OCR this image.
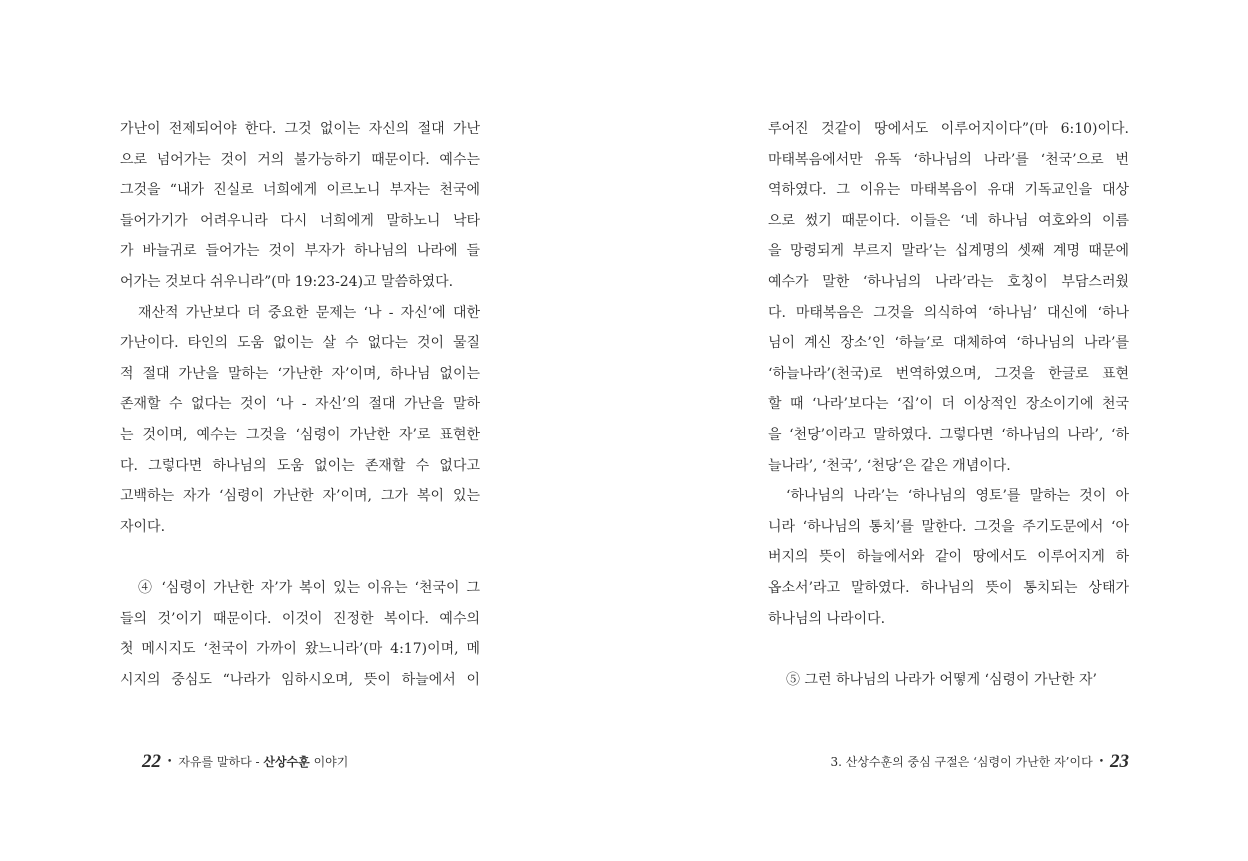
가난이 전제되어야 한다. 그것 없이는 자신의 절대 가난
으로 넘어가는 것이 거의 불가능하기 때문이다. 예수는
그것을 “내가 진실로 너희에게 이르노니 부자는 천국에
들어가기가 어려우니라 다시 너희에게 말하노니 낙타
가 바늘귀로 들어가는 것이 부자가 하나님의 나라에 들
어가는 것보다 쉬우니라”(마 19:23-24)고 말씀하였다.
재산적 가난보다 더 중요한 문제는 ‘나 - 자신’에 대한
가난이다. 타인의 도움 없이는 살 수 없다는 것이 물질
적 절대 가난을 말하는 ‘가난한 자’이며, 하나님 없이는
존재할 수 없다는 것이 ‘나 - 자신’의 절대 가난을 말하
는 것이며, 예수는 그것을 ‘심령이 가난한 자’로 표현한
다. 그렇다면 하나님의 도움 없이는 존재할 수 없다고
고백하는 자가 ‘심령이 가난한 자’이며, 그가 복이 있는
자이다.
④ ‘심령이 가난한 자’가 복이 있는 이유는 ‘천국이 그
들의 것’이기 때문이다. 이것이 진정한 복이다. 예수의
첫 메시지도 ‘천국이 가까이 왔느니라’(마 4:17)이며, 메
시지의 중심도 “나라가 임하시오며, 뜻이 하늘에서 이
22 • 자유를 말하다 - 산상수훈 이야기
루어진 것같이 땅에서도 이루어지이다”(마 6:10)이다.
마태복음에서만 유독 ‘하나님의 나라’를 ‘천국’으로 번
역하였다. 그 이유는 마태복음이 유대 기독교인을 대상
으로 썼기 때문이다. 이들은 ‘네 하나님 여호와의 이름
을 망령되게 부르지 말라’는 십계명의 셋째 계명 때문에
예수가 말한 ‘하나님의 나라’라는 호칭이 부담스러웠
다. 마태복음은 그것을 의식하여 ‘하나님’ 대신에 ‘하나
님이 계신 장소’인 ‘하늘’로 대체하여 ‘하나님의 나라’를
‘하늘나라’(천국)로 번역하였으며, 그것을 한글로 표현
할 때 ‘나라’보다는 ‘집’이 더 이상적인 장소이기에 천국
을 ‘천당’이라고 말하였다. 그렇다면 ‘하나님의 나라’, ‘하
늘나라’, ‘천국’, ‘천당’은 같은 개념이다.
‘하나님의 나라’는 ‘하나님의 영토’를 말하는 것이 아
니라 ‘하나님의 통치’를 말한다. 그것을 주기도문에서 ‘아
버지의 뜻이 하늘에서와 같이 땅에서도 이루어지게 하
옵소서’라고 말하였다. 하나님의 뜻이 통치되는 상태가
하나님의 나라이다.
⑤ 그런 하나님의 나라가 어떻게 ‘심령이 가난한 자’
3. 산상수훈의 중심 구절은 ‘심령이 가난한 자’이다 • 23
